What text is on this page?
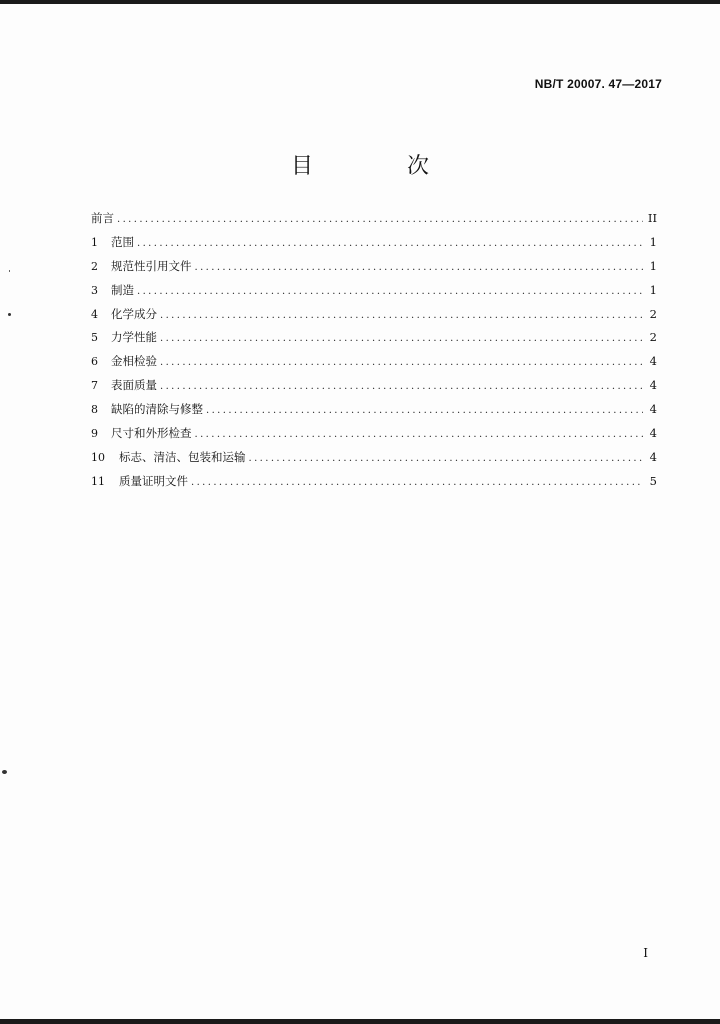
NB/T 20007. 47—2017
目　次
前言 .....	II
1	范围 .....	1
2	规范性引用文件 .....	1
3	制造 .....	1
4	化学成分 .....	2
5	力学性能 .....	2
6	金相检验 .....	4
7	表面质量 .....	4
8	缺陷的清除与修整 .....	4
9	尺寸和外形检查 .....	4
10	标志、清洁、包装和运输 .....	4
11	质量证明文件 .....	5
I
